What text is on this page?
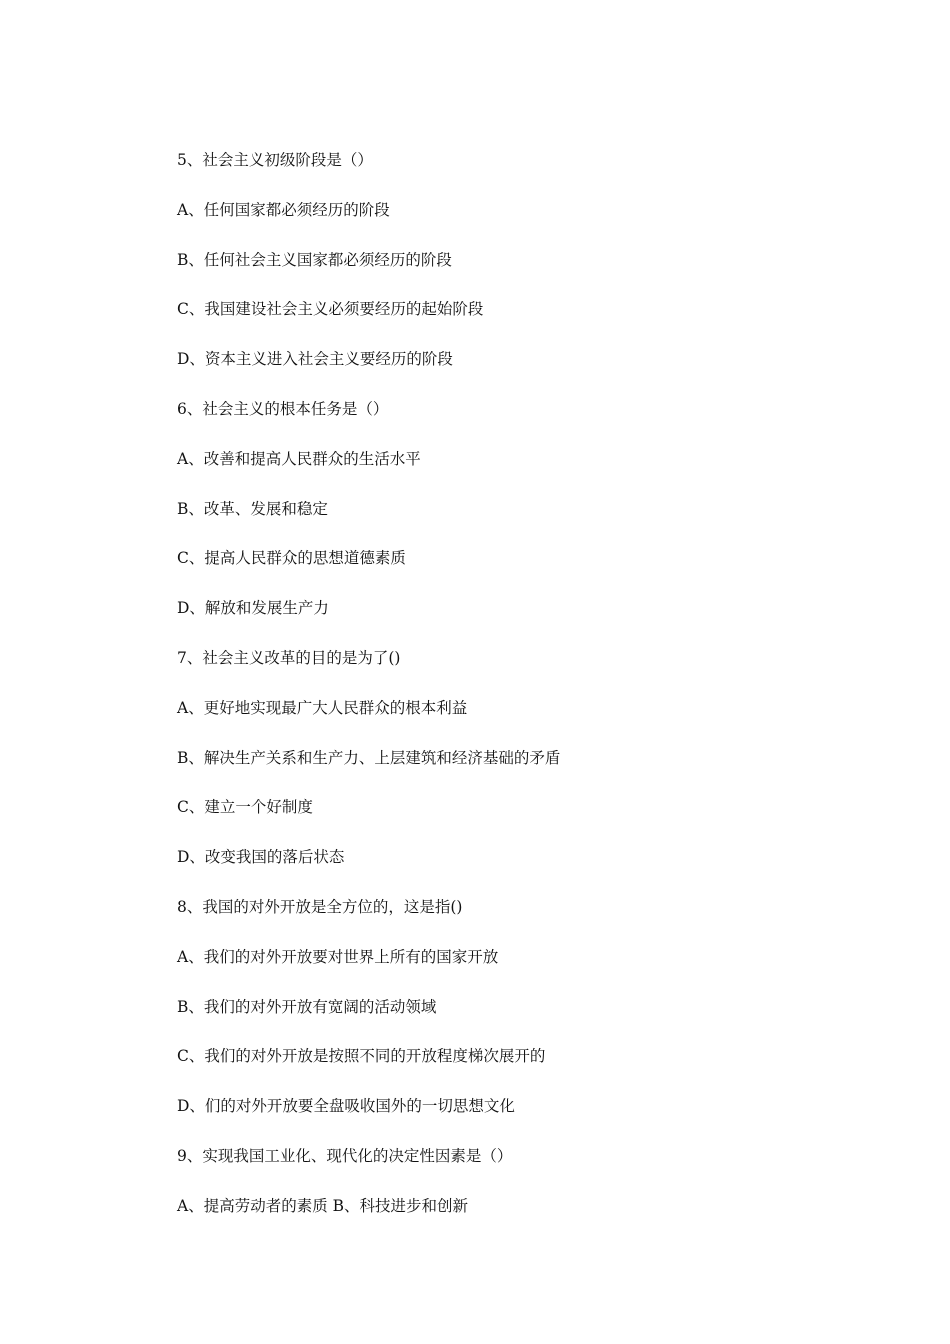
5、社会主义初级阶段是（）
A、任何国家都必须经历的阶段
B、任何社会主义国家都必须经历的阶段
C、我国建设社会主义必须要经历的起始阶段
D、资本主义进入社会主义要经历的阶段
6、社会主义的根本任务是（）
A、改善和提高人民群众的生活水平
B、改革、发展和稳定
C、提高人民群众的思想道德素质
D、解放和发展生产力
7、社会主义改革的目的是为了()
A、更好地实现最广大人民群众的根本利益
B、解决生产关系和生产力、上层建筑和经济基础的矛盾
C、建立一个好制度
D、改变我国的落后状态
8、我国的对外开放是全方位的，这是指()
A、我们的对外开放要对世界上所有的国家开放
B、我们的对外开放有宽阔的活动领域
C、我们的对外开放是按照不同的开放程度梯次展开的
D、们的对外开放要全盘吸收国外的一切思想文化
9、实现我国工业化、现代化的决定性因素是（）
A、提高劳动者的素质 B、科技进步和创新
